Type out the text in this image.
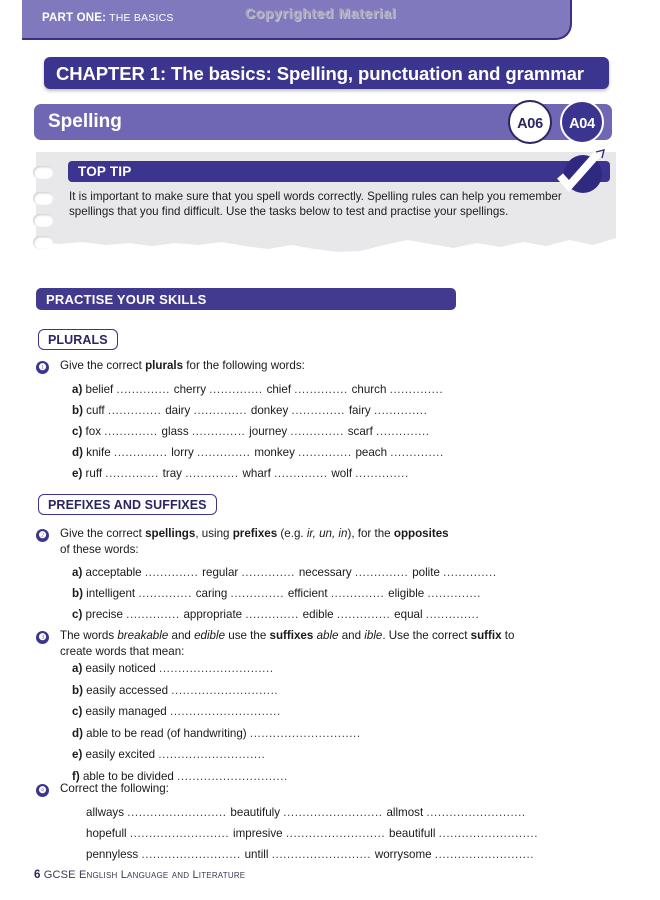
PART ONE: THE BASICS	Copyrighted Material
CHAPTER 1: The basics: Spelling, punctuation and grammar
Spelling	A06	A04
TOP TIP
It is important to make sure that you spell words correctly. Spelling rules can help you remember spellings that you find difficult. Use the tasks below to test and practise your spellings.
PRACTISE YOUR SKILLS
PLURALS
❶ Give the correct plurals for the following words:
a) belief .............. cherry .............. chief .............. church ..............
b) cuff .............. dairy .............. donkey .............. fairy ..............
c) fox .............. glass .............. journey .............. scarf ..............
d) knife .............. lorry .............. monkey .............. peach ..............
e) ruff .............. tray .............. wharf .............. wolf ..............
PREFIXES AND SUFFIXES
❷ Give the correct spellings, using prefixes (e.g. ir, un, in), for the opposites
of these words:
a) acceptable .............. regular .............. necessary .............. polite ..............
b) intelligent .............. caring .............. efficient .............. eligible ..............
c) precise .............. appropriate .............. edible .............. equal ..............
❸ The words breakable and edible use the suffixes able and ible. Use the correct suffix to create words that mean:
a) easily noticed ..............................
b) easily accessed ............................
c) easily managed .............................
d) able to be read (of handwriting) .............................
e) easily excited ............................
f) able to be divided .............................
❹ Correct the following:
allways .......................... beautifuly .......................... allmost ..........................
hopefull .......................... impresive .......................... beautifull ..........................
pennyless .......................... untill .......................... worrysome ..........................
6 GCSE English Language and Literature
